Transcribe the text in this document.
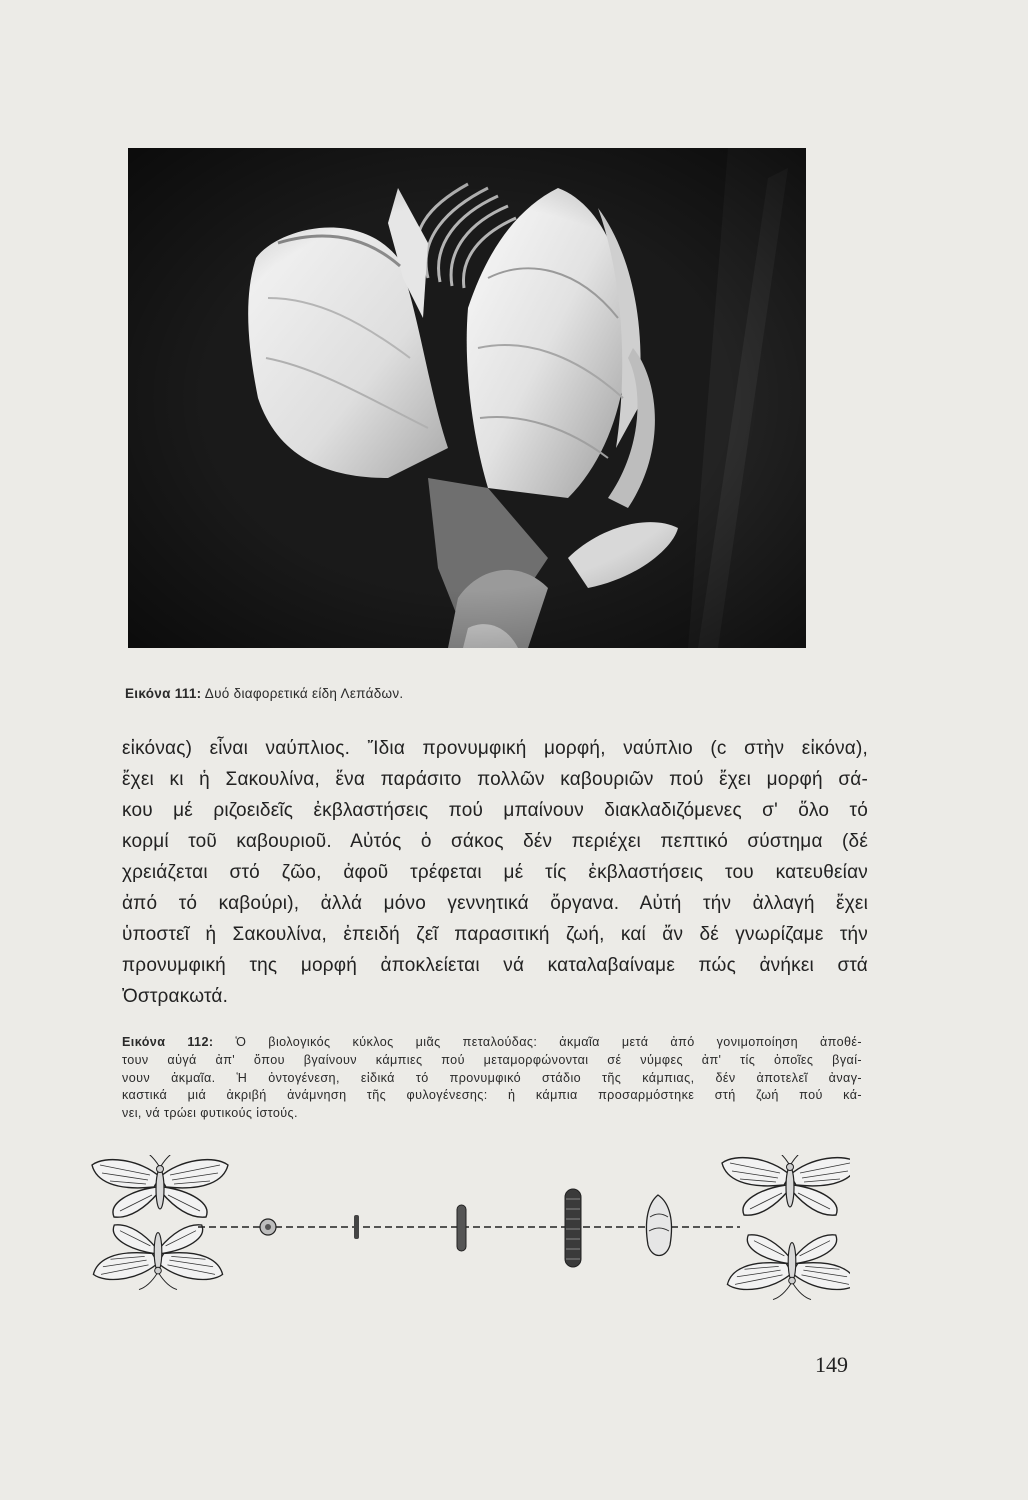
Εικόνα 111: Δυό διαφορετικά είδη Λεπάδων.
εἰκόνας) εἶναι ναύπλιος. Ἴδια προνυμφική μορφή, ναύπλιο (c στὴν εἰκόνα),
ἔχει κι ἡ Σακουλίνα, ἕνα παράσιτο πολλῶν καβουριῶν πού ἔχει μορφή σά-
κου μέ ριζοειδεῖς ἐκβλαστήσεις πού μπαίνουν διακλαδιζόμενες σ' ὅλο τό
κορμί τοῦ καβουριοῦ. Αὐτός ὁ σάκος δέν περιέχει πεπτικό σύστημα (δέ
χρειάζεται στό ζῶο, ἀφοῦ τρέφεται μέ τίς ἐκβλαστήσεις του κατευθείαν
ἀπό τό καβούρι), ἀλλά μόνο γεννητικά ὄργανα. Αὐτή τήν ἀλλαγή ἔχει
ὑποστεῖ ἡ Σακουλίνα, ἐπειδή ζεῖ παρασιτική ζωή, καί ἄν δέ γνωρίζαμε τήν
προνυμφική της μορφή ἀποκλείεται νά καταλαβαίναμε πώς ἀνήκει στά
Ὀστρακωτά.
Εικόνα 112: Ὁ βιολογικός κύκλος μιᾶς πεταλούδας: ἀκμαῖα μετά ἀπό γονιμοποίηση ἀποθέ-
τουν αὐγά ἀπ' ὅπου βγαίνουν κάμπιες πού μεταμορφώνονται σέ νύμφες ἀπ' τίς ὁποῖες βγαί-
νουν ἀκμαῖα. Ἡ ὀντογένεση, εἰδικά τό προνυμφικό στάδιο τῆς κάμπιας, δέν ἀποτελεῖ ἀναγ-
καστικά μιά ἀκριβή ἀνάμνηση τῆς φυλογένεσης: ἡ κάμπια προσαρμόστηκε στή ζωή πού κά-
νει, νά τρώει φυτικούς ἱστούς.
149
